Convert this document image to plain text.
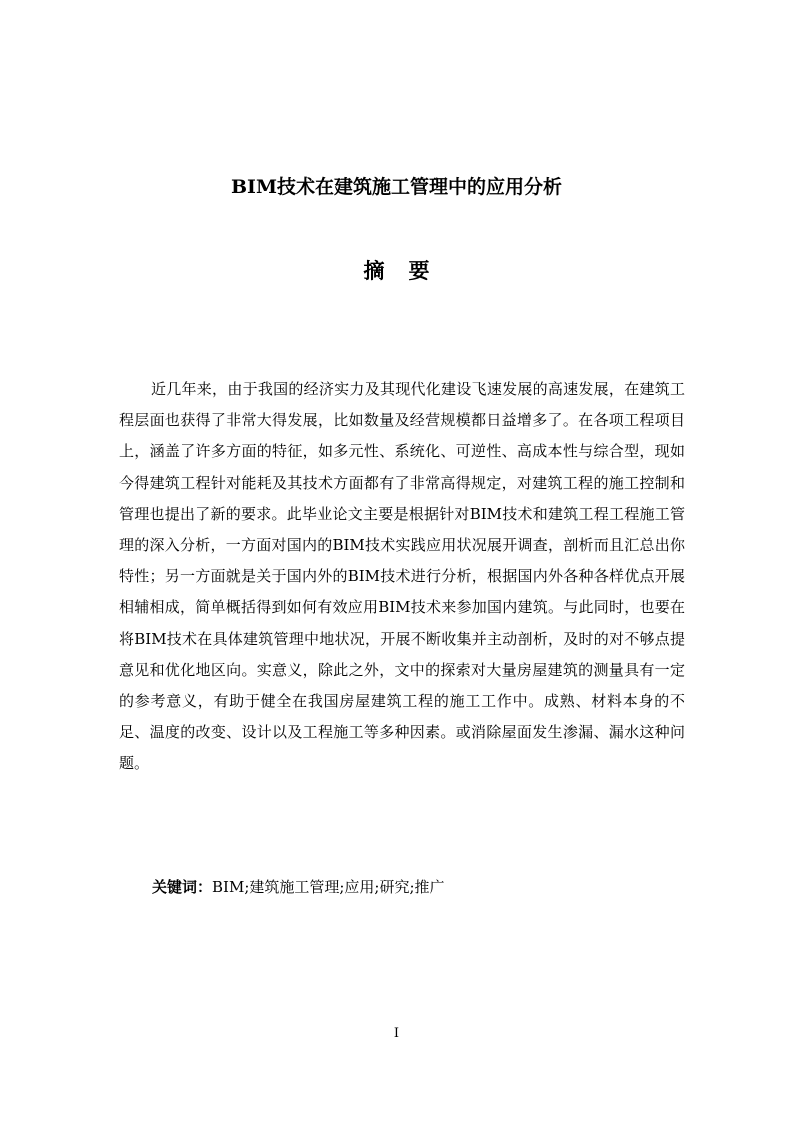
BIM技术在建筑施工管理中的应用分析
摘要

近几年来，由于我国的经济实力及其现代化建设飞速发展的高速发展，在建筑工程层面也获得了非常大得发展，比如数量及经营规模都日益增多了。在各项工程项目上，涵盖了许多方面的特征，如多元性、系统化、可逆性、高成本性与综合型，现如今得建筑工程针对能耗及其技术方面都有了非常高得规定，对建筑工程的施工控制和管理也提出了新的要求。此毕业论文主要是根据针对BIM技术和建筑工程工程施工管理的深入分析，一方面对国内的BIM技术实践应用状况展开调查，剖析而且汇总出你特性；另一方面就是关于国内外的BIM技术进行分析，根据国内外各种各样优点开展相辅相成，简单概括得到如何有效应用BIM技术来参加国内建筑。与此同时，也要在将BIM技术在具体建筑管理中地状况，开展不断收集并主动剖析，及时的对不够点提意见和优化地区向。实意义，除此之外，文中的探索对大量房屋建筑的测量具有一定的参考意义，有助于健全在我国房屋建筑工程的施工工作中。成熟、材料本身的不足、温度的改变、设计以及工程施工等多种因素。或消除屋面发生渗漏、漏水这种问题。

关键词：BIM;建筑施工管理;应用;研究;推广

I
